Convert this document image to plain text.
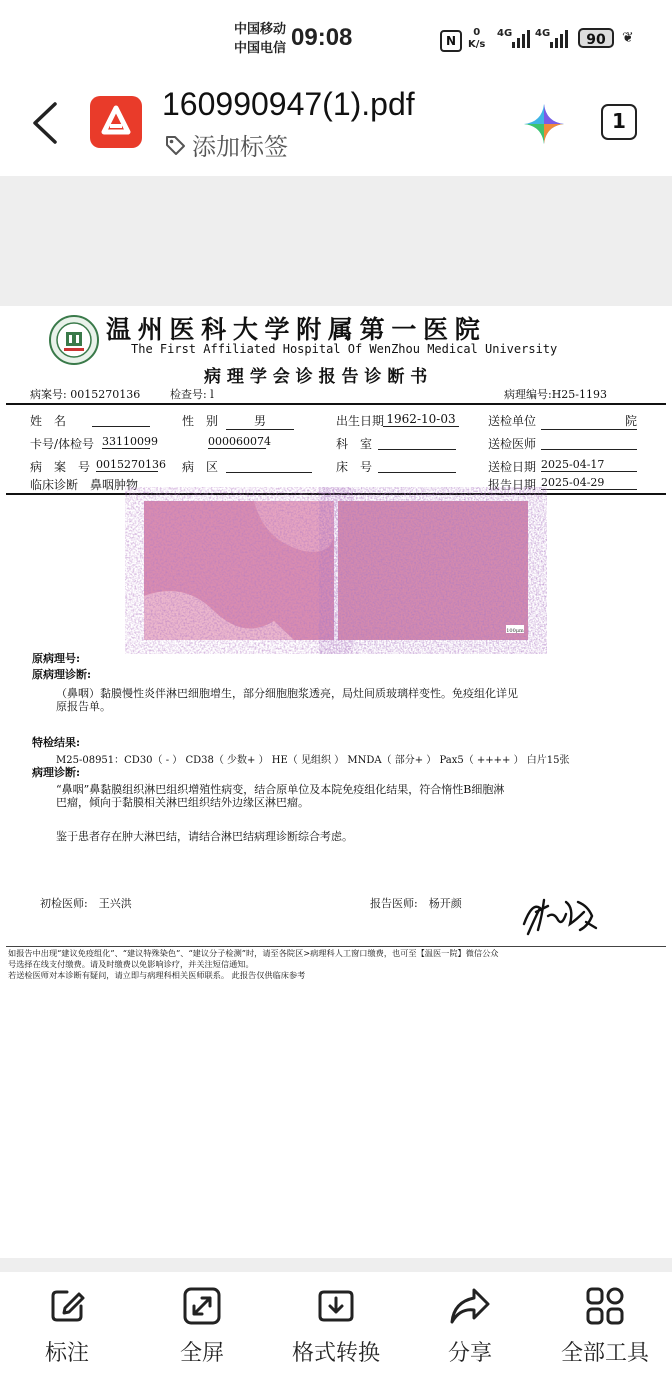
中国移动
中国电信 09:08	N
0
K/s
4G 4G	90	❦
160990947(1).pdf
添加标签
1
温 州 医 科 大 学 附 属 第 一 医 院
The First Affiliated Hospital Of WenZhou Medical University
病 理 学 会 诊 报 告 诊 断 书
病案号: 0015270136	检查号: l	病理编号:H25-1193
姓　名	性　别	男	出生日期 1962-10-03	送检单位	院
卡号/体检号 33110099	000060074	科　室	送检医师
病　案　号 0015270136 病　区	床　号	送检日期 2025-04-17
临床诊断 鼻咽肿物	报告日期 2025-04-29
100μm
原病理号:
原病理诊断:
（鼻咽）黏膜慢性炎伴淋巴细胞增生，部分细胞胞浆透亮，局灶间质玻璃样变性。免疫组化详见
原报告单。
特检结果:
M25-08951：CD30（ - ） CD38（ 少数+ ） HE（ 见组织 ） MNDA（ 部分+ ） Pax5（ ++++ ） 白片15张
病理诊断:
“鼻咽”鼻黏膜组织淋巴组织增殖性病变，结合原单位及本院免疫组化结果，符合惰性B细胞淋
巴瘤，倾向于黏膜相关淋巴组织结外边缘区淋巴瘤。
鉴于患者存在肿大淋巴结，请结合淋巴结病理诊断综合考虑。
初检医师:　 王兴洪	报告医师:　 杨开颜
如报告中出现“建议免疫组化”、“建议特殊染色”、“建议分子检测”时，请至各院区>病理科人工窗口缴费，也可至【温医一院】微信公众
号选择在线支付缴费。请及时缴费以免影响诊疗，并关注短信通知。
若送检医师对本诊断有疑问，请立即与病理科相关医师联系。 此报告仅供临床参考
标注	全屏	格式转换	分享	全部工具
